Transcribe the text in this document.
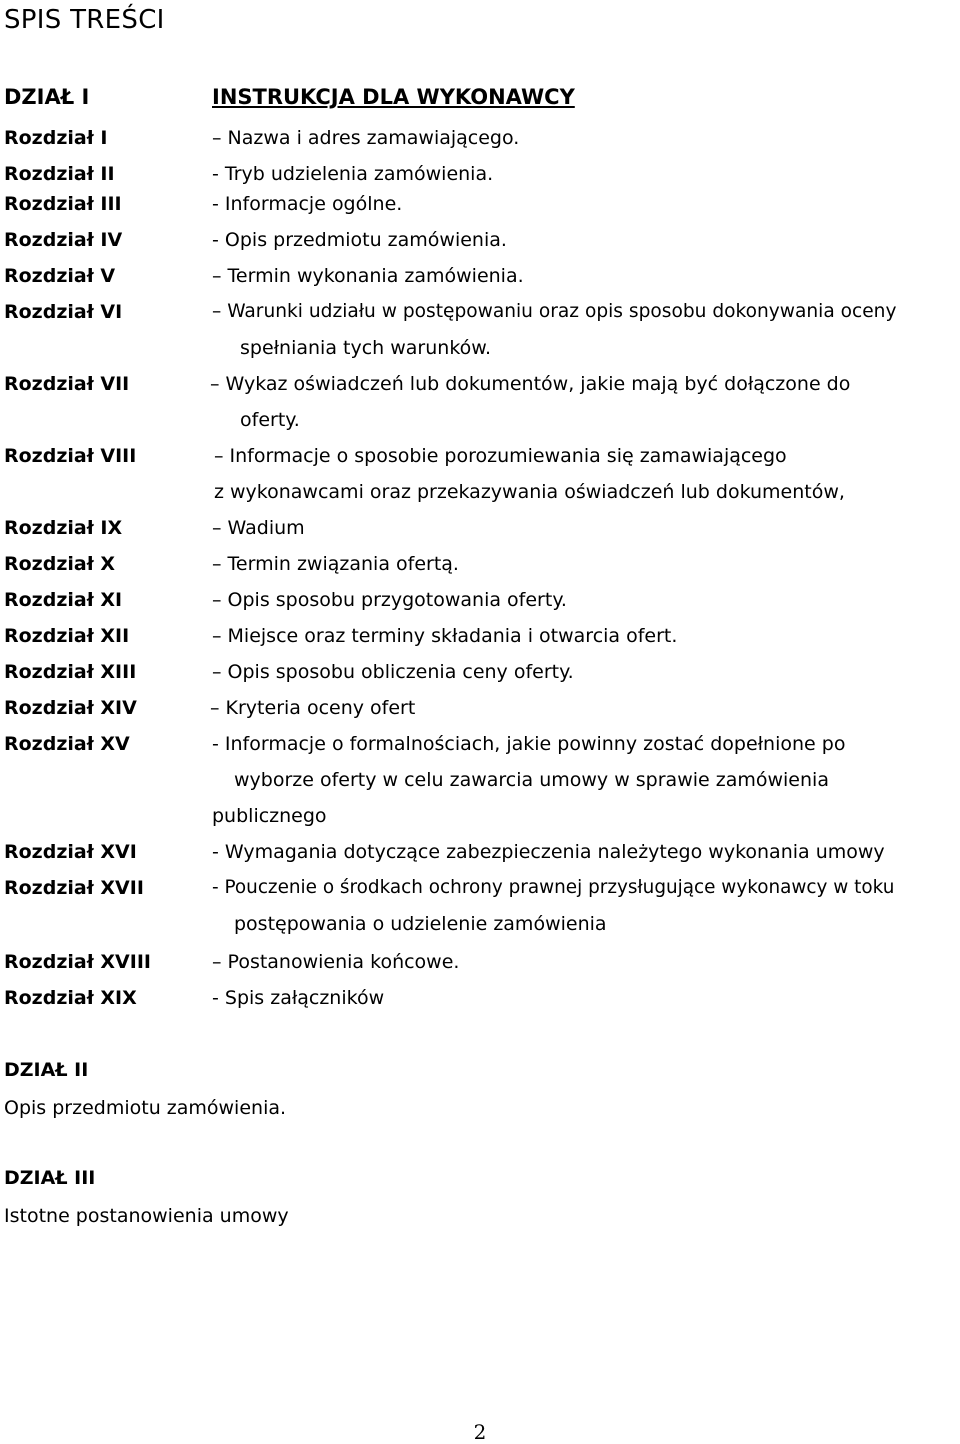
SPIS TREŚCI
DZIAŁ I	INSTRUKCJA DLA WYKONAWCY
Rozdział I	– Nazwa i adres zamawiającego.
Rozdział II	- Tryb udzielenia zamówienia.
Rozdział III	- Informacje ogólne.
Rozdział IV	- Opis przedmiotu zamówienia.
Rozdział V	– Termin wykonania zamówienia.
Rozdział VI	– Warunki udziału w postępowaniu oraz opis sposobu dokonywania oceny
spełniania tych warunków.
Rozdział VII	– Wykaz oświadczeń lub dokumentów, jakie mają być dołączone do
oferty.
Rozdział VIII	– Informacje o sposobie porozumiewania się zamawiającego
z wykonawcami oraz przekazywania oświadczeń lub dokumentów,
Rozdział IX	– Wadium
Rozdział X	– Termin związania ofertą.
Rozdział XI	– Opis sposobu przygotowania oferty.
Rozdział XII	– Miejsce oraz terminy składania i otwarcia ofert.
Rozdział XIII	– Opis sposobu obliczenia ceny oferty.
Rozdział XIV	– Kryteria oceny ofert
Rozdział XV	- Informacje o formalnościach, jakie powinny zostać dopełnione po
wyborze oferty w celu zawarcia umowy w sprawie zamówienia
publicznego
Rozdział XVI	- Wymagania dotyczące zabezpieczenia należytego wykonania umowy
Rozdział XVII	- Pouczenie o środkach ochrony prawnej przysługujące wykonawcy w toku
postępowania o udzielenie zamówienia
Rozdział XVIII	– Postanowienia końcowe.
Rozdział XIX	- Spis załączników
DZIAŁ II
Opis przedmiotu zamówienia.
DZIAŁ III
Istotne postanowienia umowy
2
